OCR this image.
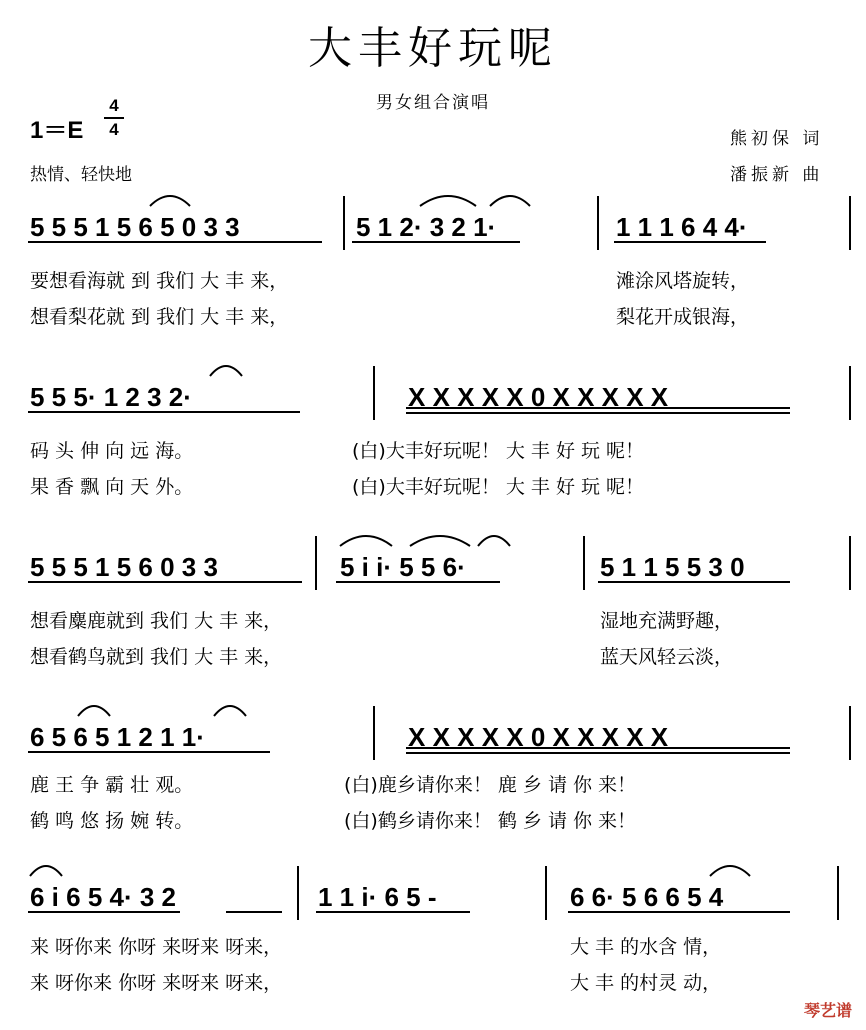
大丰好玩呢
男女组合演唱
1＝E
4
4	熊初保 词
潘振新 曲
热情、轻快地
5 5 5 1 5 6 5 0 3 3	5 1 2· 3 2 1·	1 1 1 6 4 4·
要想看海就 到 我们 大 丰 来，	滩涂风塔旋转，
想看梨花就 到 我们 大 丰 来，	梨花开成银海，
5 5 5· 1 2 3 2·	X X X X X 0 X X X X X
码 头 伸 向 远 海。	(白)大丰好玩呢！ 大 丰 好 玩 呢！
果 香 飘 向 天 外。	(白)大丰好玩呢！ 大 丰 好 玩 呢！
5 5 5 1 5 6 0 3 3	5 i i· 5 5 6·	5 1 1 5 5 3 0
想看麋鹿就到 我们 大 丰 来，	湿地充满野趣，
想看鹤鸟就到 我们 大 丰 来，	蓝天风轻云淡，
6 5 6 5 1 2 1 1·	X X X X X 0 X X X X X
鹿 王 争 霸 壮 观。	(白)鹿乡请你来！ 鹿 乡 请 你 来！
鹤 鸣 悠 扬 婉 转。	(白)鹤乡请你来！ 鹤 乡 请 你 来！
6 i 6 5 4· 3 2	1 1 i· 6 5 -	6 6· 5 6 6 5 4
来 呀你来 你呀 来呀来 呀来，	大 丰 的水含 情，
来 呀你来 你呀 来呀来 呀来，	大 丰 的村灵 动，
琴艺谱
